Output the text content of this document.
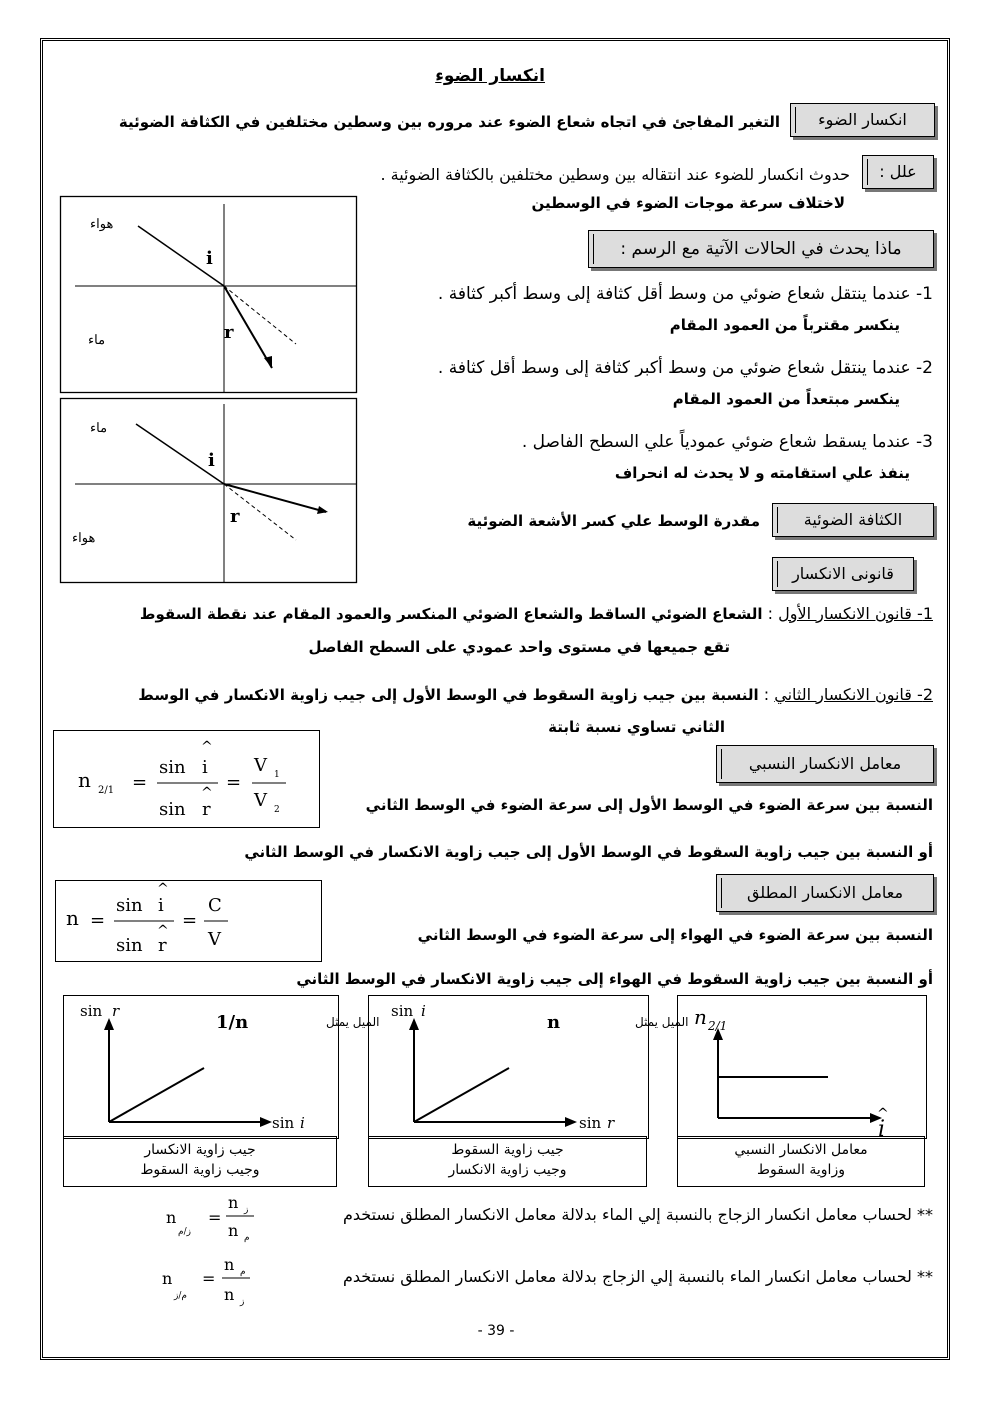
انكسار الضوء
انكسار الضوء
التغير المفاجئ في اتجاه شعاع الضوء عند مروره بين وسطين مختلفين في الكثافة الضوئية
علل :
حدوث انكسار للضوء عند انتقاله بين وسطين مختلفين بالكثافة الضوئية .
لاختلاف سرعة موجات الضوء في الوسطين
هواء
ماء
i
r
ماء
هواء
i
r
ماذا يحدث في الحالات الآتية مع الرسم :
1- عندما ينتقل شعاع ضوئي من وسط أقل كثافة إلى وسط أكبر كثافة .
ينكسر مقترباً من العمود المقام
2- عندما ينتقل شعاع ضوئي من وسط أكبر كثافة إلى وسط أقل كثافة .
ينكسر مبتعداً من العمود المقام
3- عندما يسقط شعاع ضوئي عمودياً علي السطح الفاصل .
ينفذ علي استقامته و لا يحدث له انحراف
الكثافة الضوئية
مقدرة الوسط علي كسر الأشعة الضوئية
قانونى الانكسار
1- قانون الانكسار الأول : الشعاع الضوئي الساقط والشعاع الضوئي المنكسر والعمود المقام عند نقطة السقوط
تقع جميعها في مستوى واحد عمودي على السطح الفاصل
2- قانون الانكسار الثاني : النسبة بين جيب زاوية السقوط في الوسط الأول إلى جيب زاوية الانكسار في الوسط
الثاني تساوي نسبة ثابتة
n 2/1 =
sin i
^
sin r
^ =
V 1
V 2
معامل الانكسار النسبي
النسبة بين سرعة الضوء في الوسط الأول إلى سرعة الضوء في الوسط الثاني
أو النسبة بين جيب زاوية السقوط في الوسط الأول إلى جيب زاوية الانكسار في الوسط الثاني
n =
sin i
^
sin r
^ =
C
V
معامل الانكسار المطلق
النسبة بين سرعة الضوء في الهواء إلى سرعة الضوء في الوسط الثاني
أو النسبة بين جيب زاوية السقوط في الهواء إلى جيب زاوية الانكسار في الوسط الثاني
sin r
sin i
1/n	الميل يمثل
جيب زاوية الانكسار
وجيب زاوية السقوط
sin i
sin r
n	الميل يمثل
جيب زاوية السقوط
وجيب زاوية الانكسار
n 2/1
i
^
معامل الانكسار النسبي
وزاوية السقوط
** لحساب معامل انكسار الزجاج بالنسبة إلي الماء بدلالة معامل الانكسار المطلق نستخدم
n
ز/م
=
n ز
n م
** لحساب معامل انكسار الماء بالنسبة إلي الزجاج بدلالة معامل الانكسار المطلق نستخدم
n
م/ز
=
n م
n ز
- 39 -
